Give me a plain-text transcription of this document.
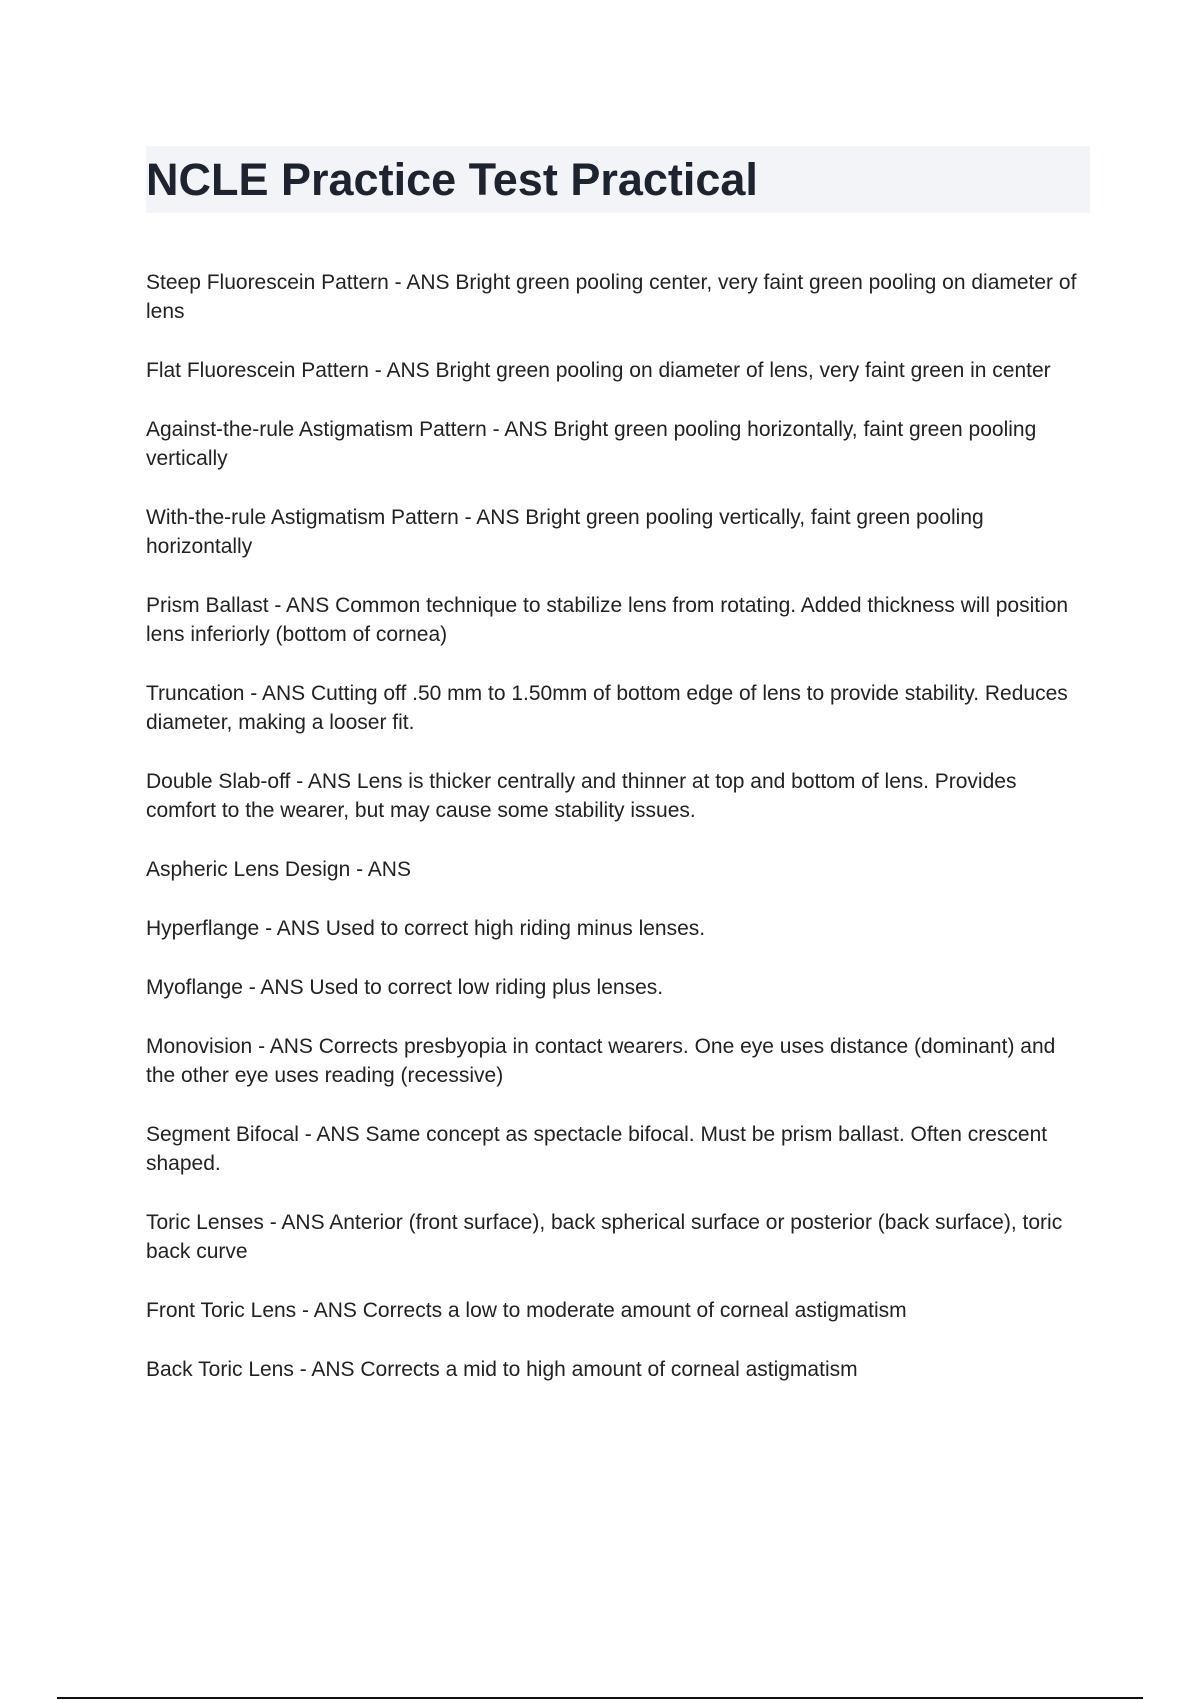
NCLE Practice Test Practical
Steep Fluorescein Pattern - ANS Bright green pooling center, very faint green pooling on diameter of lens
Flat Fluorescein Pattern - ANS Bright green pooling on diameter of lens, very faint green in center
Against-the-rule Astigmatism Pattern - ANS Bright green pooling horizontally, faint green pooling vertically
With-the-rule Astigmatism Pattern - ANS Bright green pooling vertically, faint green pooling horizontally
Prism Ballast - ANS Common technique to stabilize lens from rotating. Added thickness will position lens inferiorly (bottom of cornea)
Truncation - ANS Cutting off .50 mm to 1.50mm of bottom edge of lens to provide stability. Reduces diameter, making a looser fit.
Double Slab-off - ANS Lens is thicker centrally and thinner at top and bottom of lens. Provides comfort to the wearer, but may cause some stability issues.
Aspheric Lens Design - ANS
Hyperflange - ANS Used to correct high riding minus lenses.
Myoflange - ANS Used to correct low riding plus lenses.
Monovision - ANS Corrects presbyopia in contact wearers. One eye uses distance (dominant) and the other eye uses reading (recessive)
Segment Bifocal - ANS Same concept as spectacle bifocal. Must be prism ballast. Often crescent shaped.
Toric Lenses - ANS Anterior (front surface), back spherical surface or posterior (back surface), toric back curve
Front Toric Lens - ANS Corrects a low to moderate amount of corneal astigmatism
Back Toric Lens - ANS Corrects a mid to high amount of corneal astigmatism
